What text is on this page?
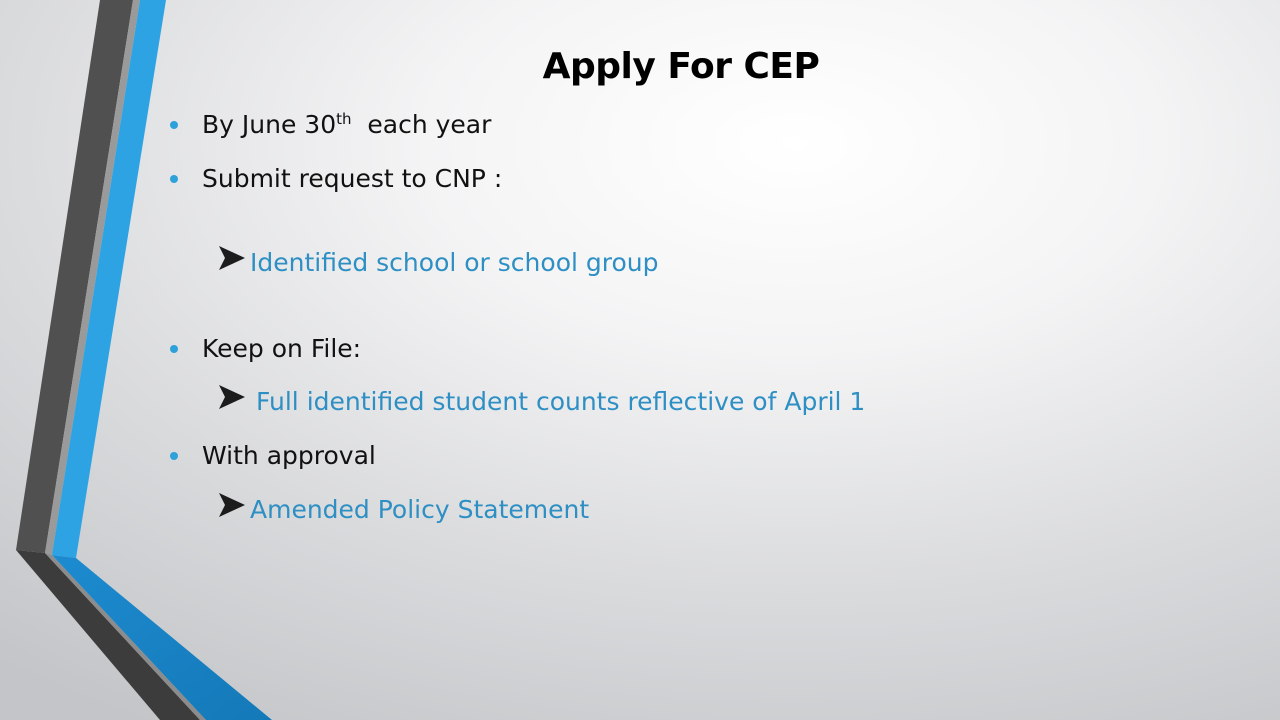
Apply For CEP
By June 30th  each year
Submit request to CNP :
Identified school or school group
Keep on File:
Full identified student counts reflective of April 1
With approval
Amended Policy Statement
